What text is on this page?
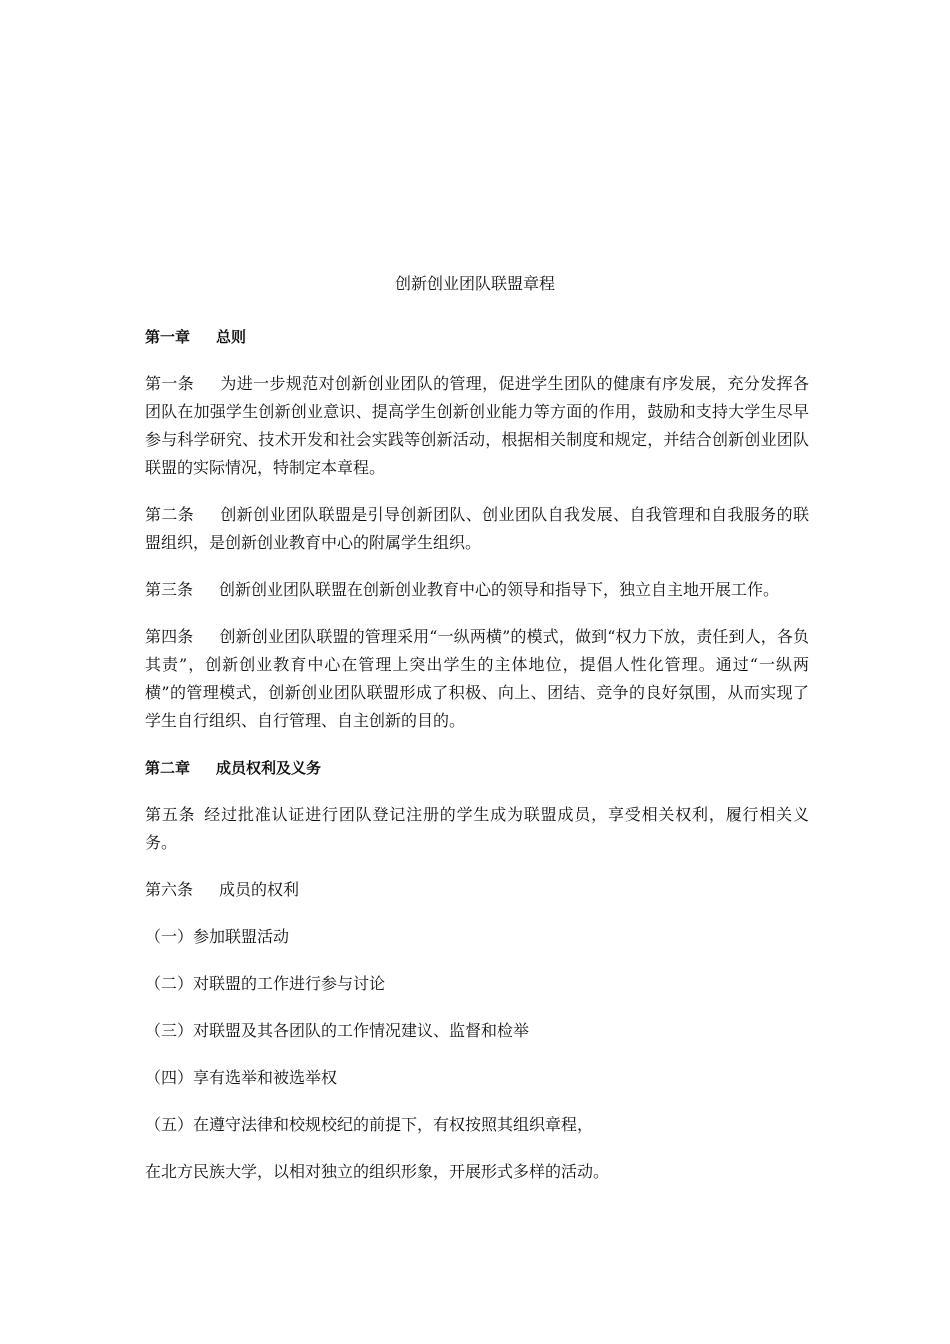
创新创业团队联盟章程
第一章 总则
第一条 为进一步规范对创新创业团队的管理，促进学生团队的健康有序发展，充分发挥各团队在加强学生创新创业意识、提高学生创新创业能力等方面的作用，鼓励和支持大学生尽早参与科学研究、技术开发和社会实践等创新活动，根据相关制度和规定，并结合创新创业团队联盟的实际情况，特制定本章程。
第二条 创新创业团队联盟是引导创新团队、创业团队自我发展、自我管理和自我服务的联盟组织，是创新创业教育中心的附属学生组织。
第三条 创新创业团队联盟在创新创业教育中心的领导和指导下，独立自主地开展工作。
第四条 创新创业团队联盟的管理采用“一纵两横”的模式，做到“权力下放，责任到人，各负其责”，创新创业教育中心在管理上突出学生的主体地位，提倡人性化管理。通过“一纵两横”的管理模式，创新创业团队联盟形成了积极、向上、团结、竞争的良好氛围，从而实现了学生自行组织、自行管理、自主创新的目的。
第二章 成员权利及义务
第五条 经过批准认证进行团队登记注册的学生成为联盟成员，享受相关权利，履行相关义务。
第六条 成员的权利
（一）参加联盟活动
（二）对联盟的工作进行参与讨论
（三）对联盟及其各团队的工作情况建议、监督和检举
（四）享有选举和被选举权
（五）在遵守法律和校规校纪的前提下，有权按照其组织章程，
在北方民族大学，以相对独立的组织形象，开展形式多样的活动。
